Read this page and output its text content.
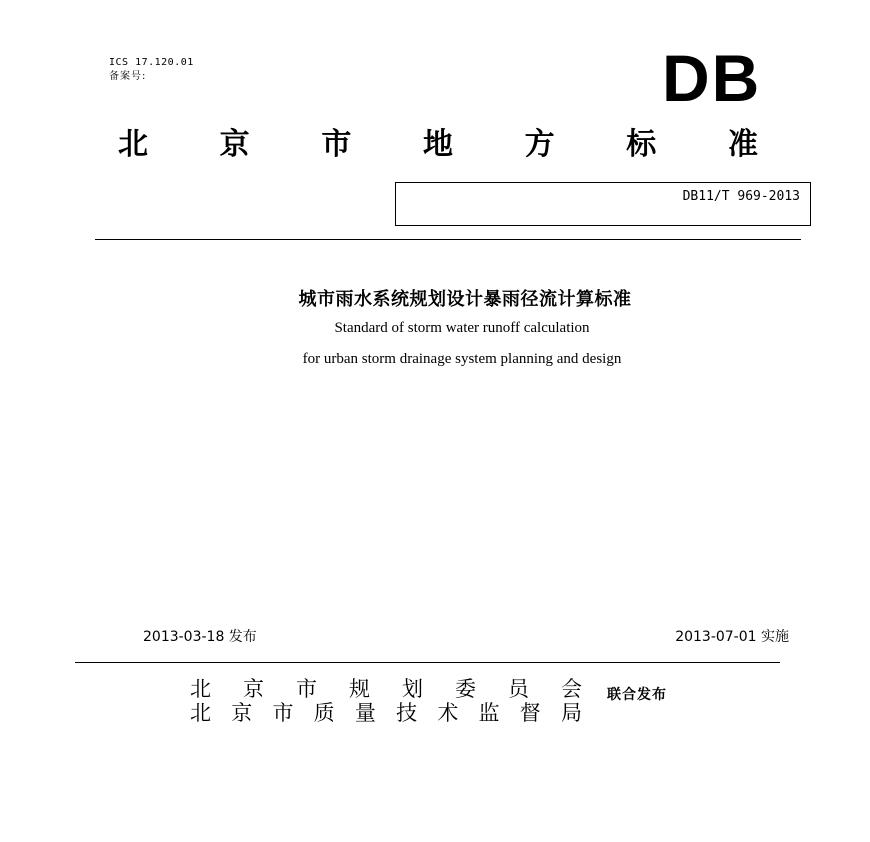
ICS 17.120.01
备案号:	DB
北 京 市 地 方 标 准
DB11/T 969-2013
城市雨水系统规划设计暴雨径流计算标准
Standard of storm water runoff calculation
for urban storm drainage system planning and design
2013-03-18 发布	2013-07-01 实施
北 京 市 规 划 委 员 会
北 京 市 质 量 技 术 监 督 局
联合发布
